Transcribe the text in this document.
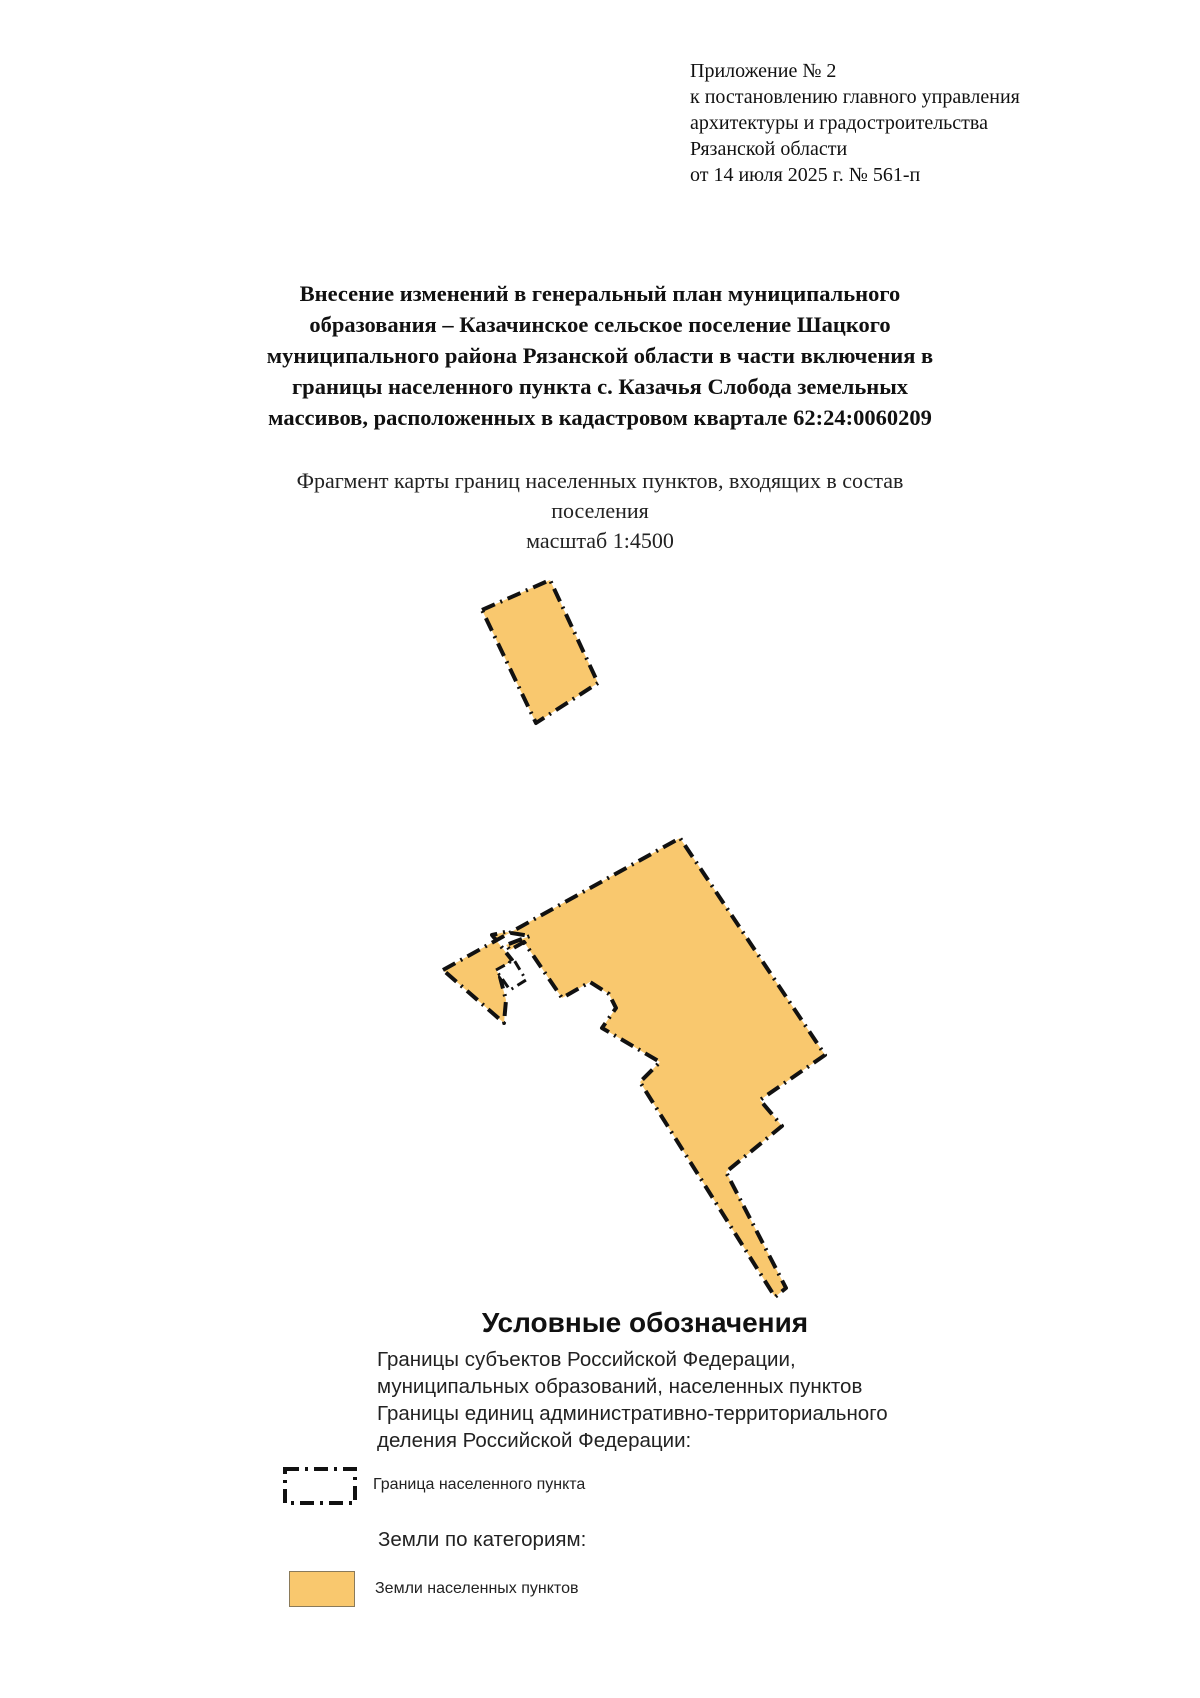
Приложение № 2
к постановлению главного управления
архитектуры и градостроительства
Рязанской области
от 14 июля 2025 г. № 561-п
Внесение изменений в генеральный план муниципального
образования – Казачинское сельское поселение Шацкого
муниципального района Рязанской области в части включения в
границы населенного пункта с. Казачья Слобода земельных
массивов, расположенных в кадастровом квартале 62:24:0060209
Фрагмент карты границ населенных пунктов, входящих в состав
поселения
масштаб 1:4500
Условные обозначения
Границы субъектов Российской Федерации,
муниципальных образований, населенных пунктов
Границы единиц административно-территориального
деления Российской Федерации:
Граница населенного пункта
Земли по категориям:
Земли населенных пунктов
